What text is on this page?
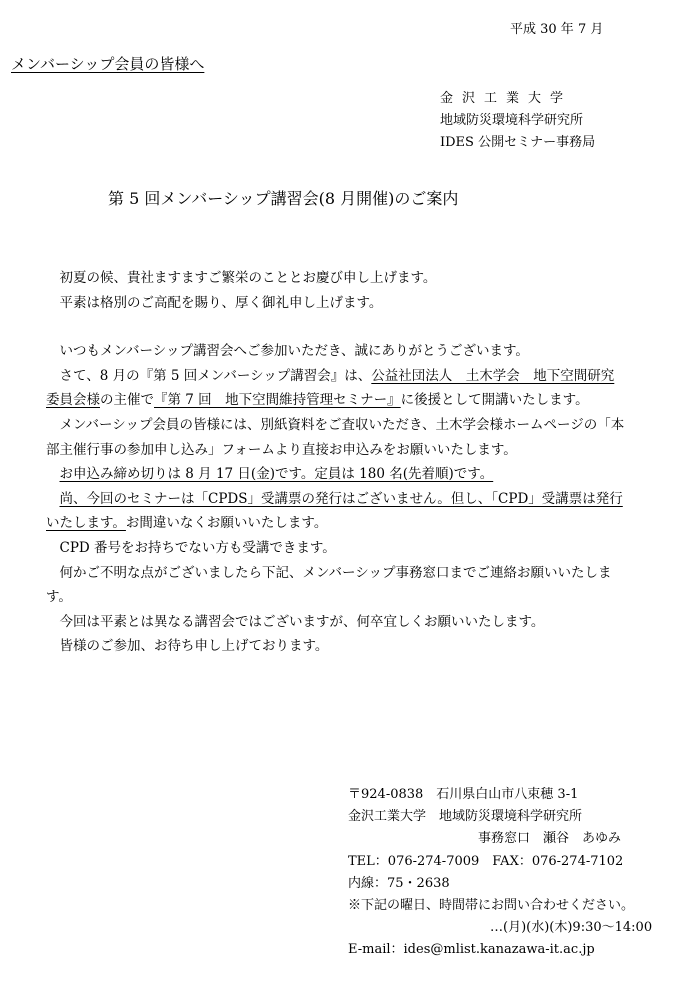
平成 30 年 7 月
メンバーシップ会員の皆様へ
金沢工業大学
地域防災環境科学研究所
IDES 公開セミナー事務局
第 5 回メンバーシップ講習会(8 月開催)のご案内

初夏の候、貴社ますますご繁栄のこととお慶び申し上げます。

平素は格別のご高配を賜り、厚く御礼申し上げます。

いつもメンバーシップ講習会へご参加いただき、誠にありがとうございます。

さて、8 月の『第 5 回メンバーシップ講習会』は、公益社団法人　土木学会　地下空間研究委員会様の主催で『第 7 回　地下空間維持管理セミナー』に後援として開講いたします。

メンバーシップ会員の皆様には、別紙資料をご査収いただき、土木学会様ホームページの「本部主催行事の参加申し込み」フォームより直接お申込みをお願いいたします。

お申込み締め切りは 8 月 17 日(金)です。定員は 180 名(先着順)です。

尚、今回のセミナーは「CPDS」受講票の発行はございません。但し、「CPD」受講票は発行いたします。お間違いなくお願いいたします。

CPD 番号をお持ちでない方も受講できます。

何かご不明な点がございましたら下記、メンバーシップ事務窓口までご連絡お願いいたします。

今回は平素とは異なる講習会ではございますが、何卒宜しくお願いいたします。

皆様のご参加、お待ち申し上げております。

〒924-0838　石川県白山市八束穂 3-1
金沢工業大学　地域防災環境科学研究所
事務窓口　瀬谷　あゆみ
TEL：076-274-7009　FAX：076-274-7102
内線：75・2638
※下記の曜日、時間帯にお問い合わせください。
…(月)(水)(木)9:30～14:00
E-mail：ides@mlist.kanazawa-it.ac.jp
